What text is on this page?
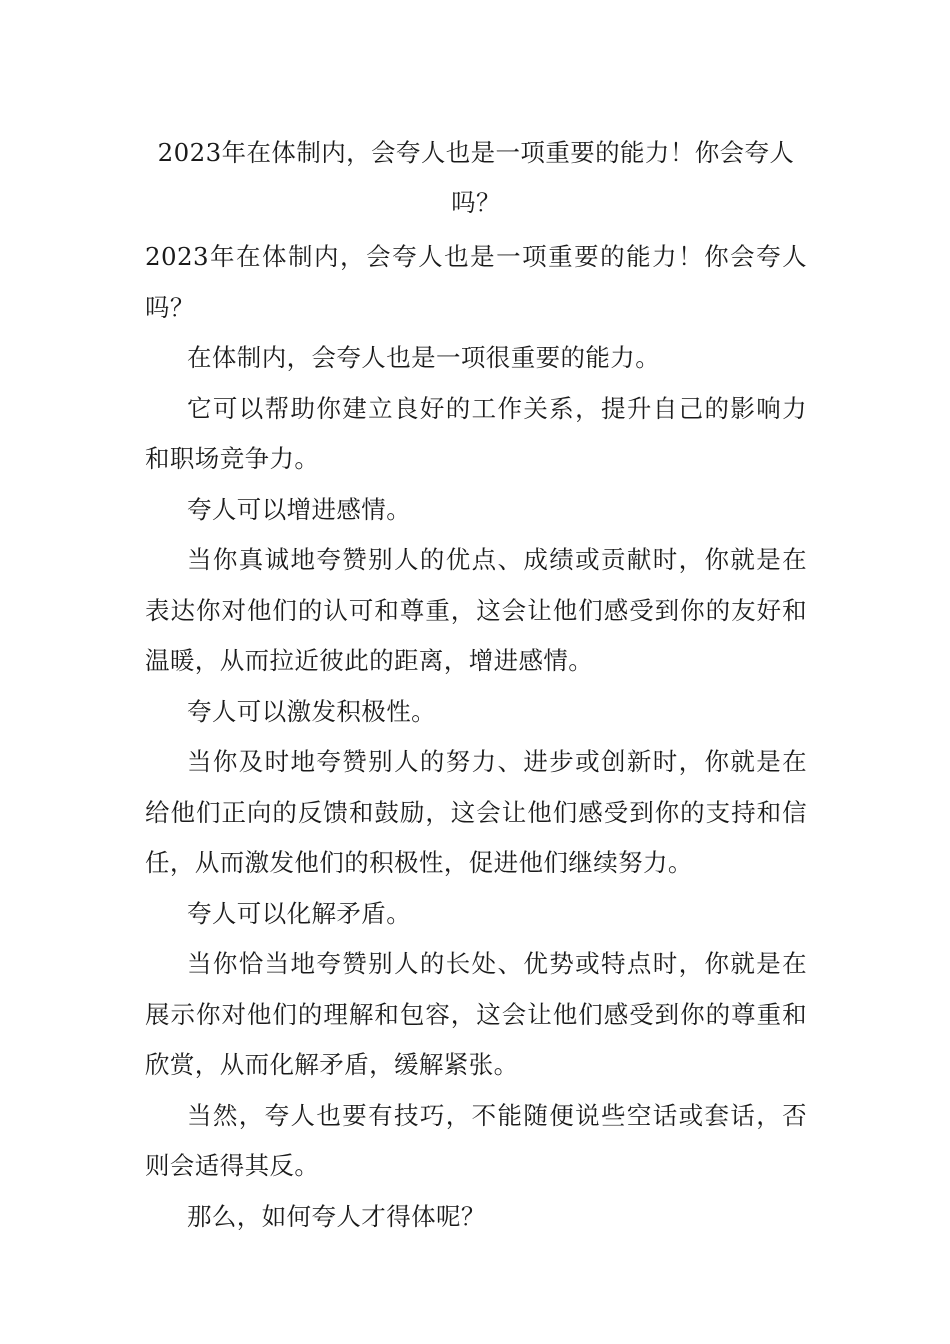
2023年在体制内，会夸人也是一项重要的能力！你会夸人吗？

2023年在体制内，会夸人也是一项重要的能力！你会夸人吗？

在体制内，会夸人也是一项很重要的能力。

它可以帮助你建立良好的工作关系，提升自己的影响力和职场竞争力。

夸人可以增进感情。

当你真诚地夸赞别人的优点、成绩或贡献时，你就是在表达你对他们的认可和尊重，这会让他们感受到你的友好和温暖，从而拉近彼此的距离，增进感情。

夸人可以激发积极性。

当你及时地夸赞别人的努力、进步或创新时，你就是在给他们正向的反馈和鼓励，这会让他们感受到你的支持和信任，从而激发他们的积极性，促进他们继续努力。

夸人可以化解矛盾。

当你恰当地夸赞别人的长处、优势或特点时，你就是在展示你对他们的理解和包容，这会让他们感受到你的尊重和欣赏，从而化解矛盾，缓解紧张。

当然，夸人也要有技巧，不能随便说些空话或套话，否则会适得其反。

那么，如何夸人才得体呢？
